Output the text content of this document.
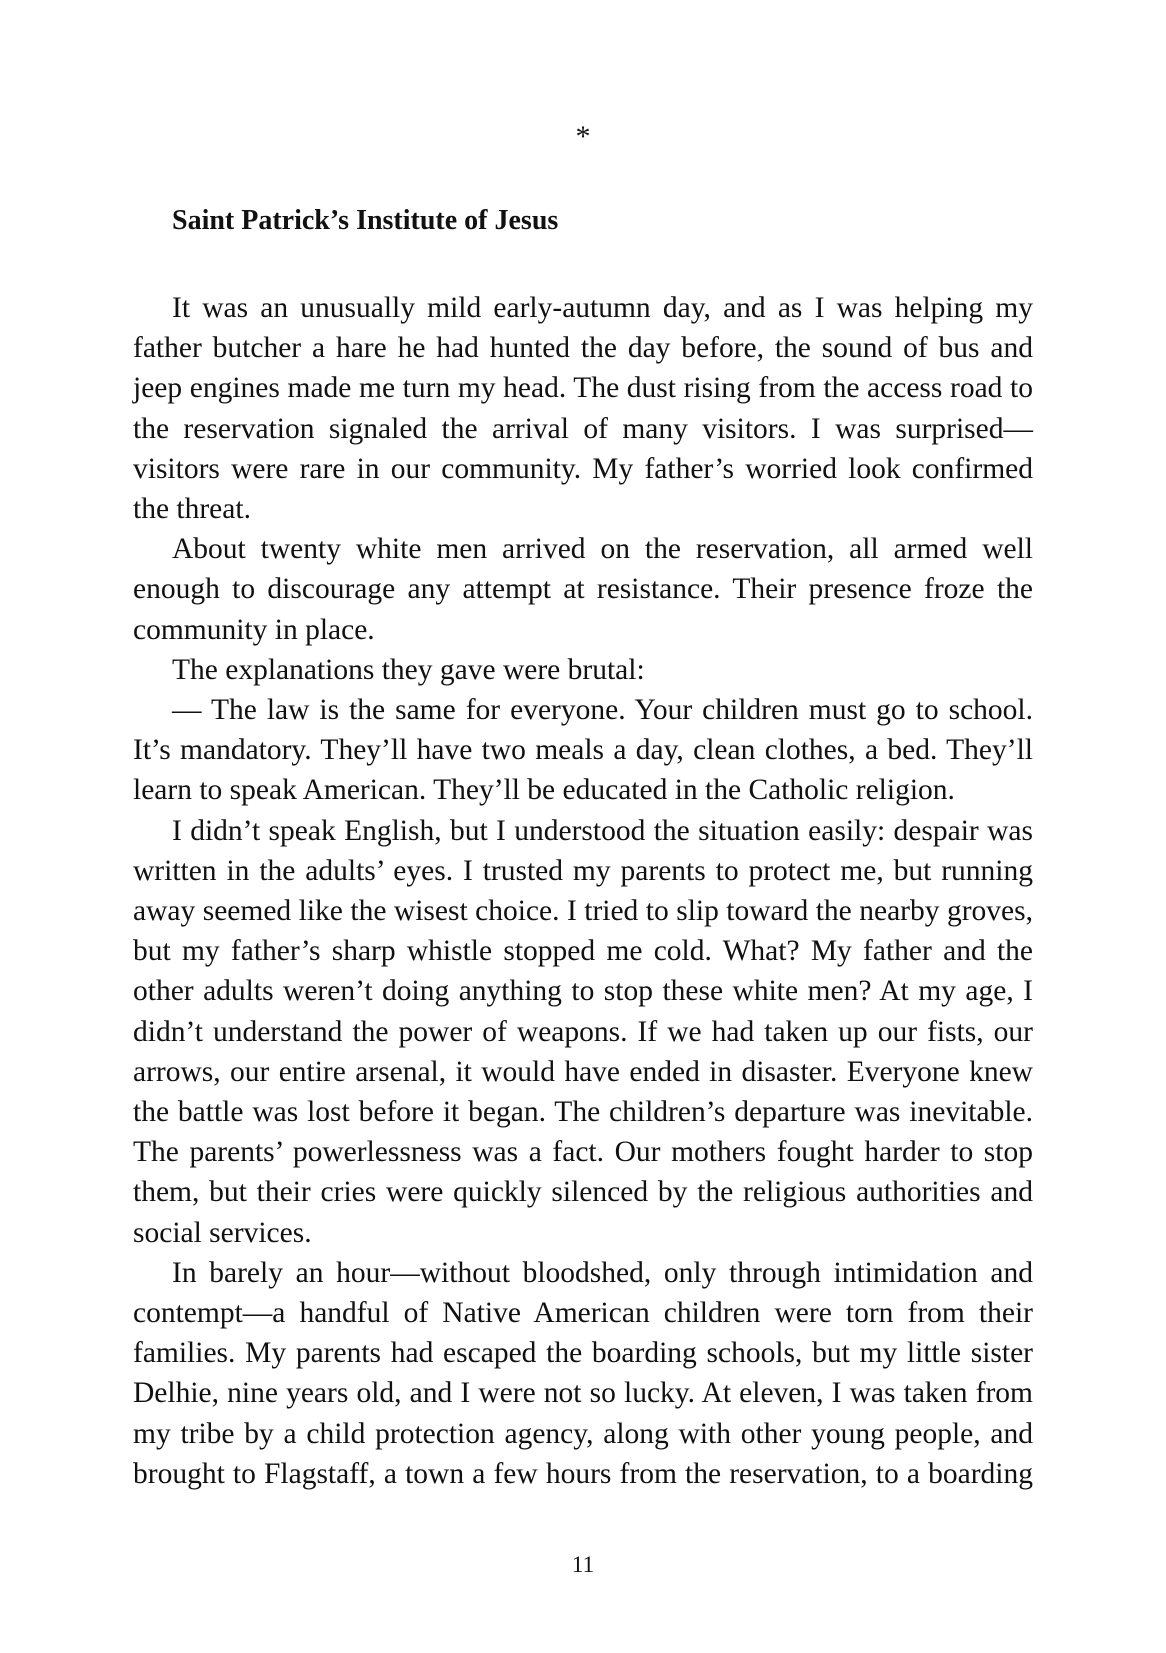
*
Saint Patrick’s Institute of Jesus

It was an unusually mild early-autumn day, and as I was helping my father butcher a hare he had hunted the day before, the sound of bus and jeep engines made me turn my head. The dust rising from the access road to the reservation signaled the arrival of many visitors. I was surprised—visitors were rare in our community. My father’s worried look confirmed the threat.

About twenty white men arrived on the reservation, all armed well enough to discourage any attempt at resistance. Their presence froze the community in place.

The explanations they gave were brutal:

— The law is the same for everyone. Your children must go to school. It’s mandatory. They’ll have two meals a day, clean clothes, a bed. They’ll learn to speak American. They’ll be educated in the Catholic religion.

I didn’t speak English, but I understood the situation easily: despair was written in the adults’ eyes. I trusted my parents to protect me, but running away seemed like the wisest choice. I tried to slip toward the nearby groves, but my father’s sharp whistle stopped me cold. What? My father and the other adults weren’t doing anything to stop these white men? At my age, I didn’t understand the power of weapons. If we had taken up our fists, our arrows, our entire arsenal, it would have ended in disaster. Everyone knew the battle was lost before it began. The children’s departure was inevitable. The parents’ powerlessness was a fact. Our mothers fought harder to stop them, but their cries were quickly silenced by the religious authorities and social services.

In barely an hour—without bloodshed, only through intimidation and contempt—a handful of Native American children were torn from their families. My parents had escaped the boarding schools, but my little sister Delhie, nine years old, and I were not so lucky. At eleven, I was taken from my tribe by a child protection agency, along with other young people, and brought to Flagstaff, a town a few hours from the reservation, to a boarding

11
